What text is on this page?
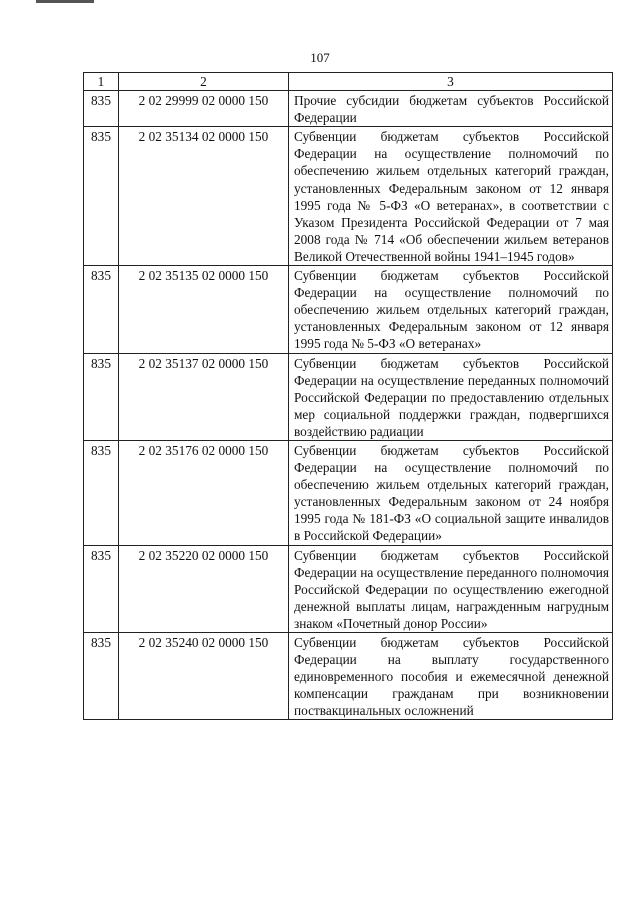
107
1	2	3
835	2 02 29999 02 0000 150	Прочие субсидии бюджетам субъектов Российской Федерации
835	2 02 35134 02 0000 150	Субвенции бюджетам субъектов Российской Федерации на осуществление полномочий по обеспечению жильем отдельных категорий граждан, установленных Федеральным законом от 12 января 1995 года № 5-ФЗ «О ветеранах», в соответствии с Указом Президента Российской Федерации от 7 мая 2008 года № 714 «Об обеспечении жильем ветеранов Великой Отечественной войны 1941–1945 годов»
835	2 02 35135 02 0000 150	Субвенции бюджетам субъектов Российской Федерации на осуществление полномочий по обеспечению жильем отдельных категорий граждан, установленных Федеральным законом от 12 января 1995 года № 5-ФЗ «О ветеранах»
835	2 02 35137 02 0000 150	Субвенции бюджетам субъектов Российской Федерации на осуществление переданных полномочий Российской Федерации по предоставлению отдельных мер социальной поддержки граждан, подвергшихся воздействию радиации
835	2 02 35176 02 0000 150	Субвенции бюджетам субъектов Российской Федерации на осуществление полномочий по обеспечению жильем отдельных категорий граждан, установленных Федеральным законом от 24 ноября 1995 года № 181-ФЗ «О социальной защите инвалидов в Российской Федерации»
835	2 02 35220 02 0000 150	Субвенции бюджетам субъектов Российской Федерации на осуществление переданного полномочия Российской Федерации по осуществлению ежегодной денежной выплаты лицам, награжденным нагрудным знаком «Почетный донор России»
835	2 02 35240 02 0000 150	Субвенции бюджетам субъектов Российской Федерации на выплату государственного единовременного пособия и ежемесячной денежной компенсации гражданам при возникновении поствакцинальных осложнений
